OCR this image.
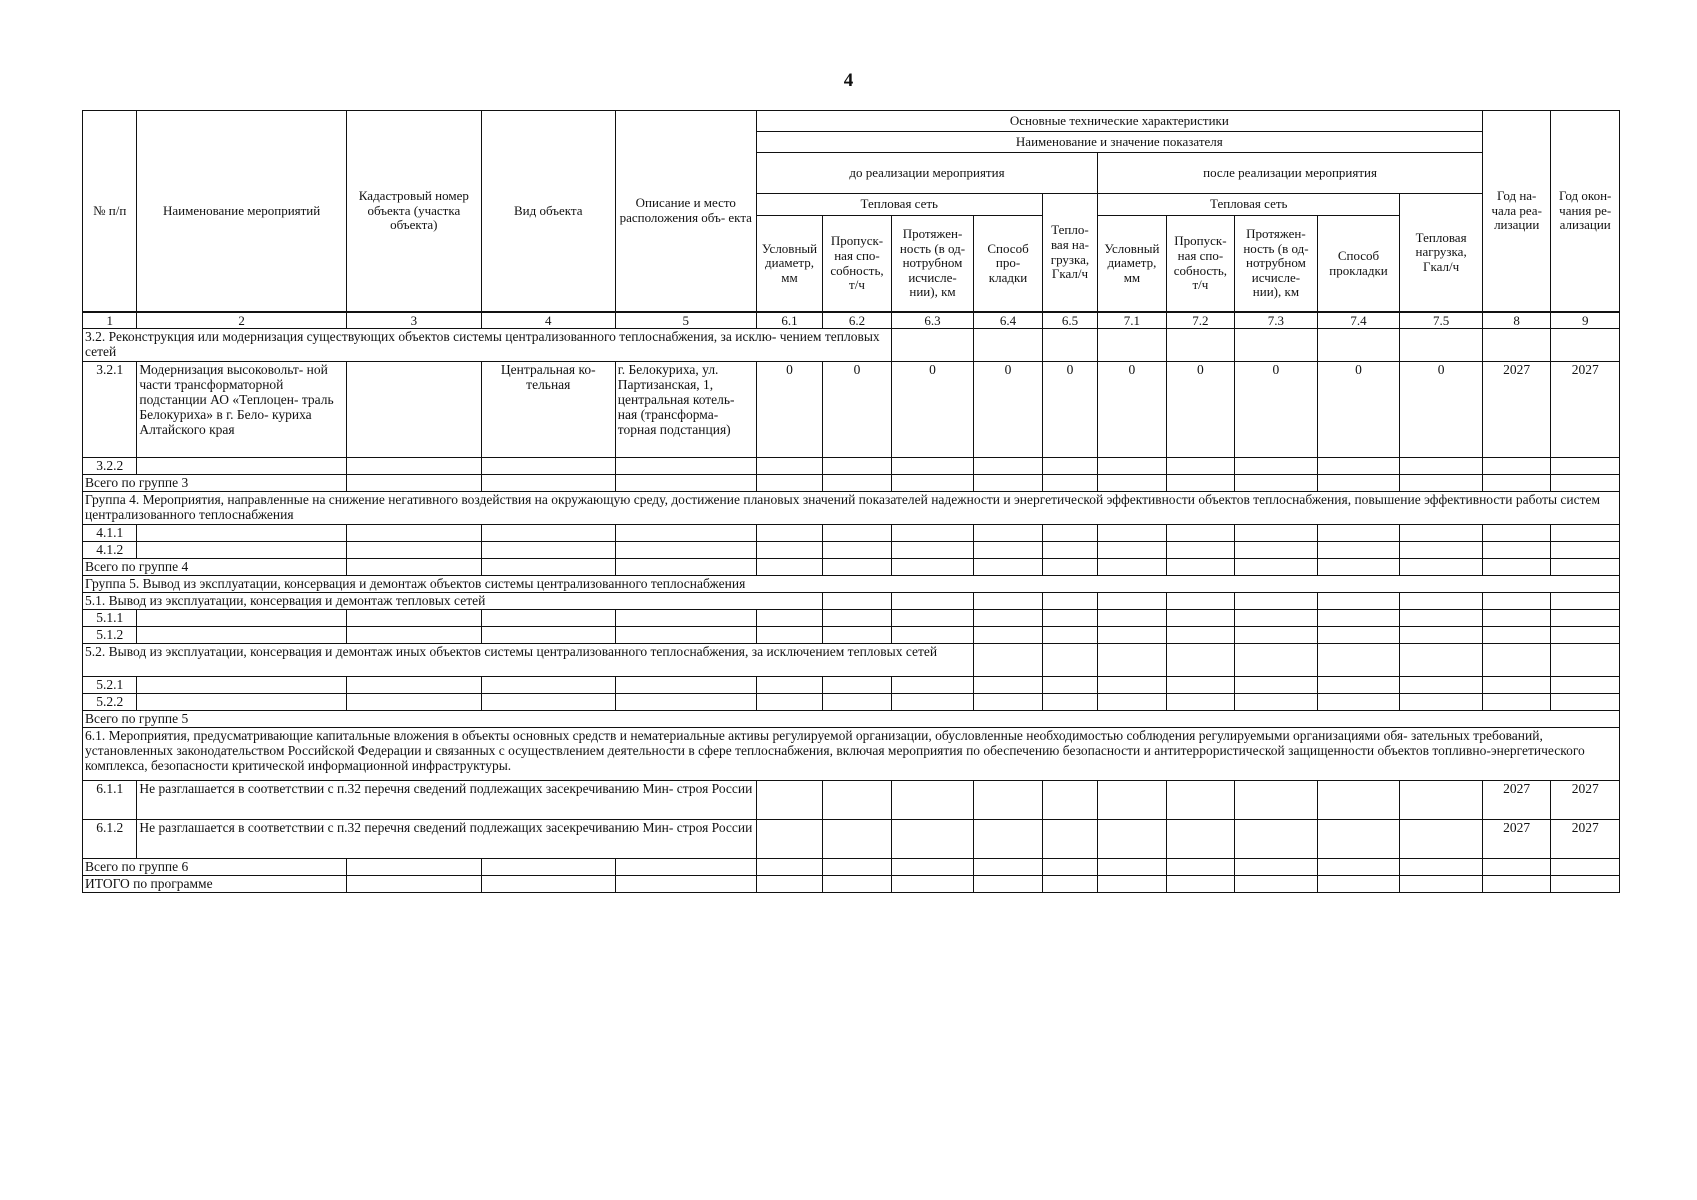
4
№ п/п	Наименование мероприятий	Кадастровый номер объекта (участка объекта)	Вид объекта	Описание и место расположения объ- екта	Основные технические характеристики										Год на- чала реа- лизации	Год окон- чания ре- ализации
					Наименование и значение показателя											
					до реализации мероприятия					после реализации мероприятия						
					Тепловая сеть				Тепло- вая на- грузка, Гкал/ч	Тепловая сеть				Тепловая нагрузка, Гкал/ч		
					Условный диаметр, мм	Пропуск- ная спо- собность, т/ч	Протяжен- ность (в од- нотрубном исчисле- нии), км	Способ про- кладки		Условный диаметр, мм	Пропуск- ная спо- собность, т/ч	Протяжен- ность (в од- нотрубном исчисле- нии), км	Способ прокладки			
1	2	3	4	5	6.1	6.2	6.3	6.4	6.5	7.1	7.2	7.3	7.4	7.5	8	9
3.2. Реконструкция или модернизация существующих объектов системы централизованного теплоснабжения, за исклю- чением тепловых сетей																
3.2.1	Модернизация высоковольт- ной части трансформаторной подстанции АО «Теплоцен- траль Белокуриха» в г. Бело- куриха Алтайского края		Центральная ко- тельная	г. Белокуриха, ул. Партизанская, 1, центральная котель- ная (трансформа- торная подстанция)	0	0	0	0	0	0	0	0	0	0	2027	2027
3.2.2																
Всего по группе 3																
Группа 4. Мероприятия, направленные на снижение негативного воздействия на окружающую среду, достижение плановых значений показателей надежности и энергетической эффективности объектов теплоснабжения, повышение эффективности работы систем централизованного теплоснабжения																
4.1.1																
4.1.2																
Всего по группе 4																
Группа 5. Вывод из эксплуатации, консервация и демонтаж объектов системы централизованного теплоснабжения																
5.1. Вывод из эксплуатации, консервация и демонтаж тепловых сетей																
5.1.1																
5.1.2																
5.2. Вывод из эксплуатации, консервация и демонтаж иных объектов системы централизованного теплоснабжения, за исключением тепловых сетей																
5.2.1																
5.2.2																
Всего по группе 5																
6.1. Мероприятия, предусматривающие капитальные вложения в объекты основных средств и нематериальные активы регулируемой организации, обусловленные необходимостью соблюдения регулируемыми организациями обя- зательных требований, установленных законодательством Российской Федерации и связанных с осуществлением деятельности в сфере теплоснабжения, включая мероприятия по обеспечению безопасности и антитеррористической защищенности объектов топливно-энергетического комплекса, безопасности критической информационной инфраструктуры.																
6.1.1	Не разглашается в соответствии с п.32 перечня сведений подлежащих засекречиванию Мин- строя России														2027	2027
6.1.2	Не разглашается в соответствии с п.32 перечня сведений подлежащих засекречиванию Мин- строя России														2027	2027
Всего по группе 6																
ИТОГО по программе																
